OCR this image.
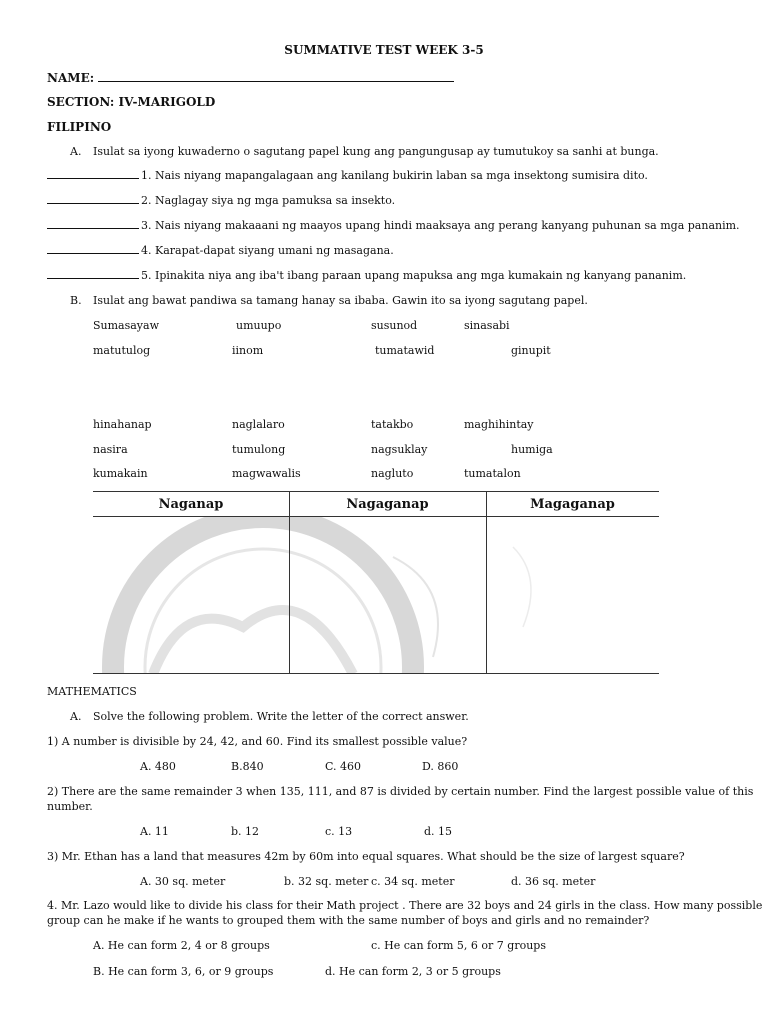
SUMMATIVE TEST WEEK 3-5
NAME:
SECTION: IV-MARIGOLD
FILIPINO
A. Isulat sa iyong kuwaderno o sagutang papel kung ang pangungusap ay tumutukoy sa sanhi at bunga.
1. Nais niyang mapangalagaan ang kanilang bukirin laban sa mga insektong sumisira dito.
2. Naglagay siya ng mga pamuksa sa insekto.
3. Nais niyang makaaani ng maayos upang hindi maaksaya ang perang kanyang puhunan sa mga pananim.
4. Karapat-dapat siyang umani ng masagana.
5. Ipinakita niya ang iba't ibang paraan upang mapuksa ang mga kumakain ng kanyang pananim.
B. Isulat ang bawat pandiwa sa tamang hanay sa ibaba. Gawin ito sa iyong sagutang papel.
Sumasayaw	umuupo	susunod	sinasabi
matutulog	iinom	tumatawid	ginupit
hinahanap	naglalaro	tatakbo	maghihintay
nasira	tumulong	nagsuklay	humiga
kumakain	magwawalis	nagluto	tumatalon
Naganap	Nagaganap	Magaganap
MATHEMATICS
A. Solve the following problem. Write the letter of the correct answer.
1) A number is divisible by 24, 42, and 60. Find its smallest possible value?
A. 480	B.840	C. 460	D. 860
2) There are the same remainder 3 when 135, 111, and 87 is divided by certain number. Find the largest possible value of this
number.
A. 11	b. 12	c. 13	d. 15
3) Mr. Ethan has a land that measures 42m by 60m into equal squares. What should be the size of largest square?
A. 30 sq. meter	b. 32 sq. meter c. 34 sq. meter	d. 36 sq. meter
4. Mr. Lazo would like to divide his class for their Math project . There are 32 boys and 24 girls in the class. How many possible
group can he make if he wants to grouped them with the same number of boys and girls and no remainder?
A. He can form 2, 4 or 8 groups	c. He can form 5, 6 or 7 groups
B. He can form 3, 6, or 9 groups	d. He can form 2, 3 or 5 groups
